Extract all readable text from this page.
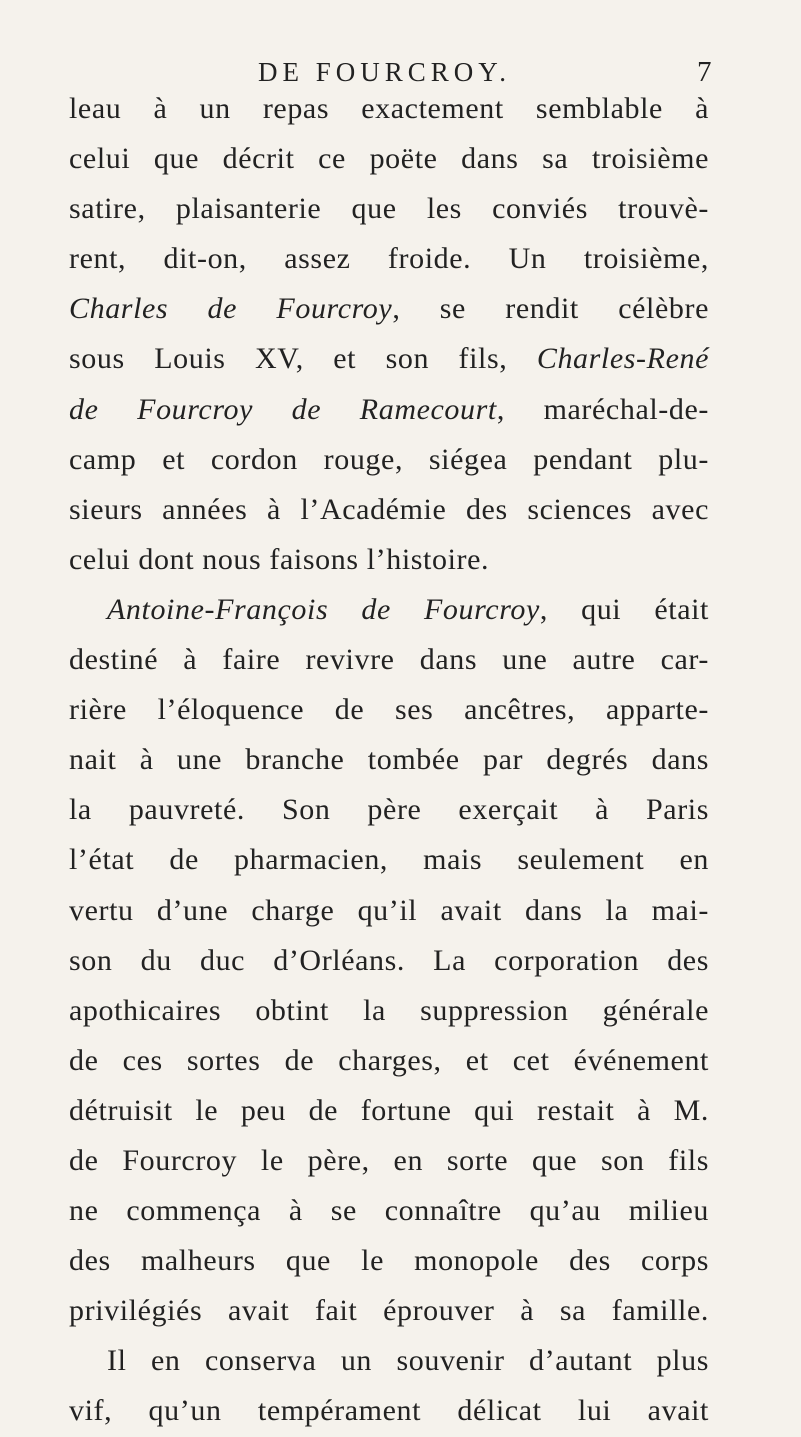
DE FOURCROY.	7
leau à un repas exactement semblable à
celui que décrit ce poëte dans sa troisième
satire, plaisanterie que les conviés trouvè-
rent, dit-on, assez froide. Un troisième,
Charles de Fourcroy, se rendit célèbre
sous Louis XV, et son fils, Charles-René
de Fourcroy de Ramecourt, maréchal-de-
camp et cordon rouge, siégea pendant plu-
sieurs années à l’Académie des sciences avec
celui dont nous faisons l’histoire.
Antoine-François de Fourcroy, qui était
destiné à faire revivre dans une autre car-
rière l’éloquence de ses ancêtres, apparte-
nait à une branche tombée par degrés dans
la pauvreté. Son père exerçait à Paris
l’état de pharmacien, mais seulement en
vertu d’une charge qu’il avait dans la mai-
son du duc d’Orléans. La corporation des
apothicaires obtint la suppression générale
de ces sortes de charges, et cet événement
détruisit le peu de fortune qui restait à M.
de Fourcroy le père, en sorte que son fils
ne commença à se connaître qu’au milieu
des malheurs que le monopole des corps
privilégiés avait fait éprouver à sa famille.
Il en conserva un souvenir d’autant plus
vif, qu’un tempérament délicat lui avait
